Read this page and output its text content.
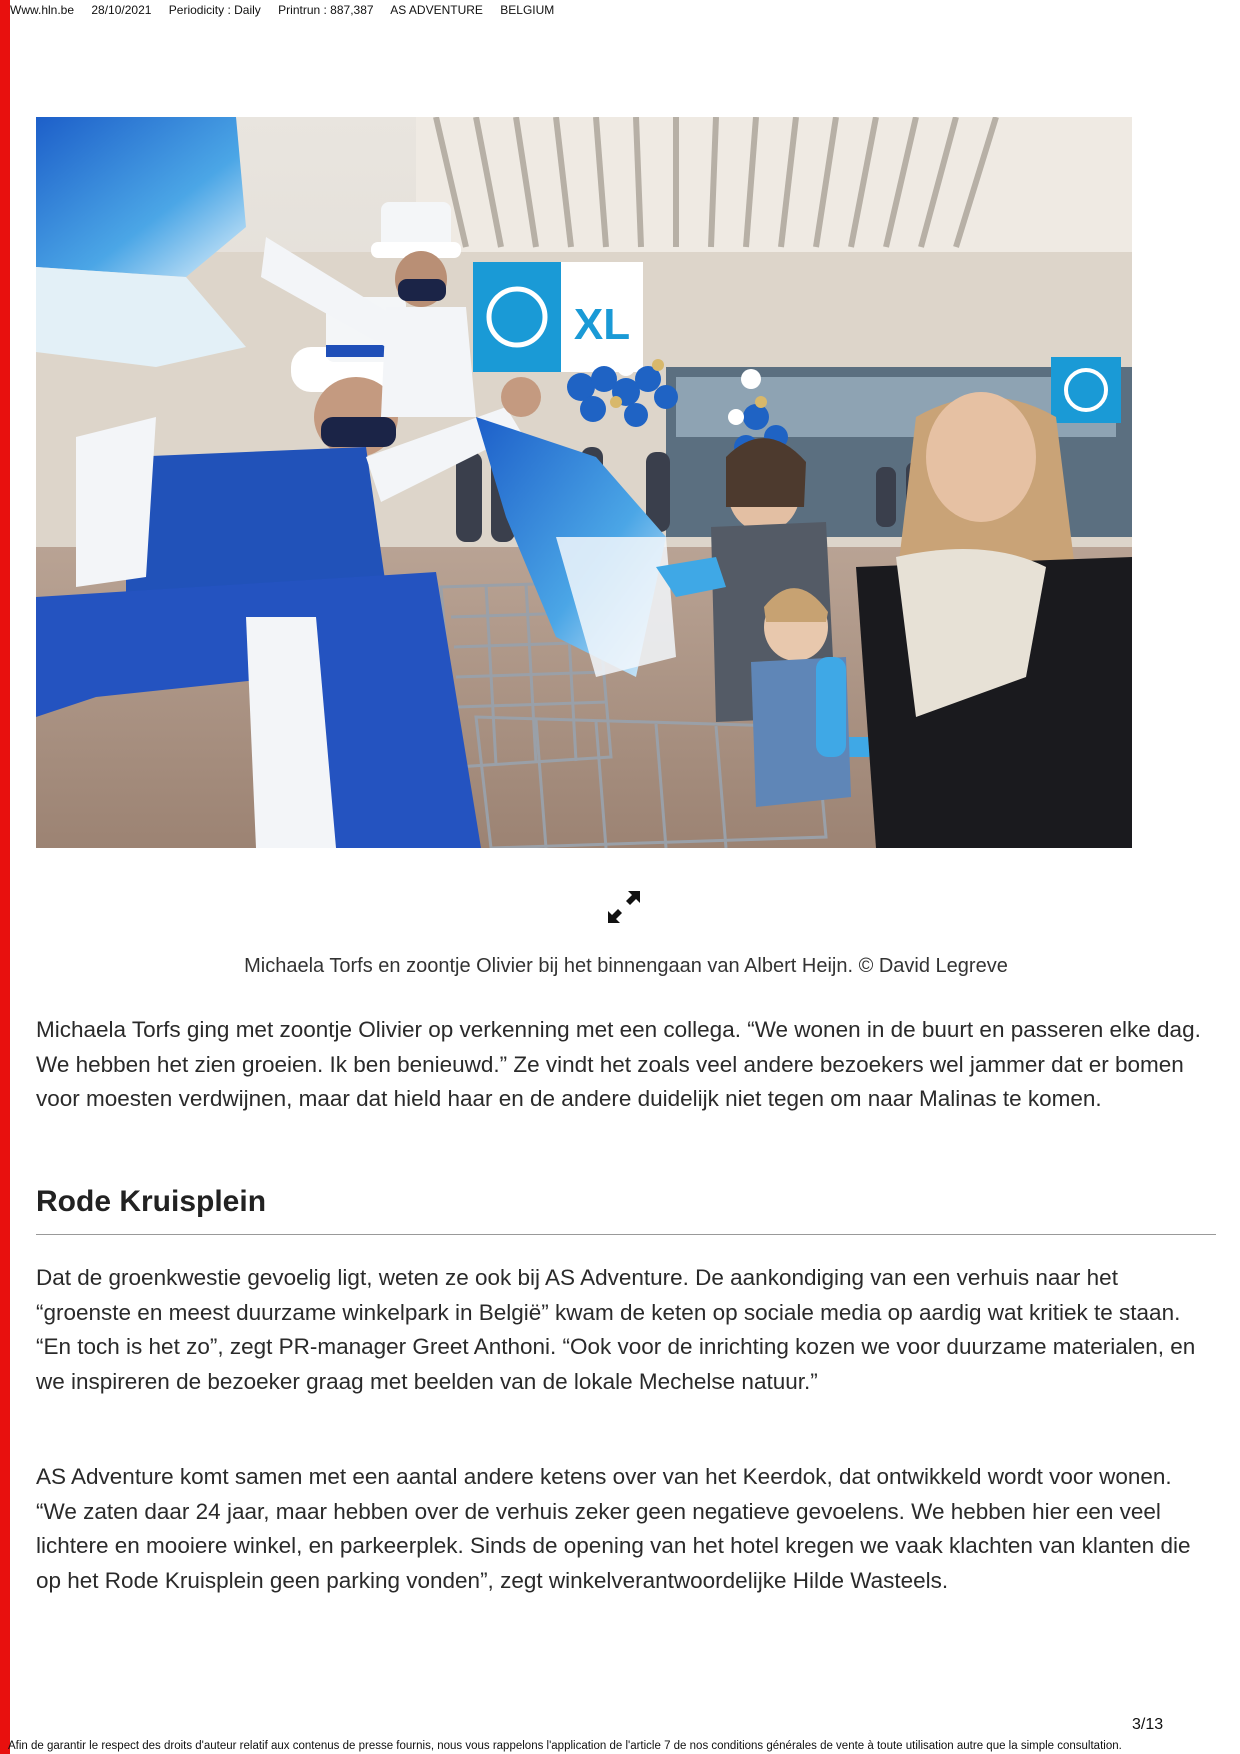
Www.hln.be 28/10/2021 Periodicity : Daily Printrun : 887,387 AS ADVENTURE BELGIUM
XL
Michaela Torfs en zoontje Olivier bij het binnengaan van Albert Heijn. © David Legreve

Michaela Torfs ging met zoontje Olivier op verkenning met een collega. “We wonen in de buurt en passeren elke dag. We hebben het zien groeien. Ik ben benieuwd.” Ze vindt het zoals veel andere bezoekers wel jammer dat er bomen voor moesten verdwijnen, maar dat hield haar en de andere duidelijk niet tegen om naar Malinas te komen.

Rode Kruisplein

Dat de groenkwestie gevoelig ligt, weten ze ook bij AS Adventure. De aankondiging van een verhuis naar het “groenste en meest duurzame winkelpark in België” kwam de keten op sociale media op aardig wat kritiek te staan. “En toch is het zo”, zegt PR-manager Greet Anthoni. “Ook voor de inrichting kozen we voor duurzame materialen, en we inspireren de bezoeker graag met beelden van de lokale Mechelse natuur.”

AS Adventure komt samen met een aantal andere ketens over van het Keerdok, dat ontwikkeld wordt voor wonen. “We zaten daar 24 jaar, maar hebben over de verhuis zeker geen negatieve gevoelens. We hebben hier een veel lichtere en mooiere winkel, en parkeerplek. Sinds de opening van het hotel kregen we vaak klachten van klanten die op het Rode Kruisplein geen parking vonden”, zegt winkelverantwoordelijke Hilde Wasteels.

3/13
Afin de garantir le respect des droits d'auteur relatif aux contenus de presse fournis, nous vous rappelons l'application de l'article 7 de nos conditions générales de vente à toute utilisation autre que la simple consultation.
